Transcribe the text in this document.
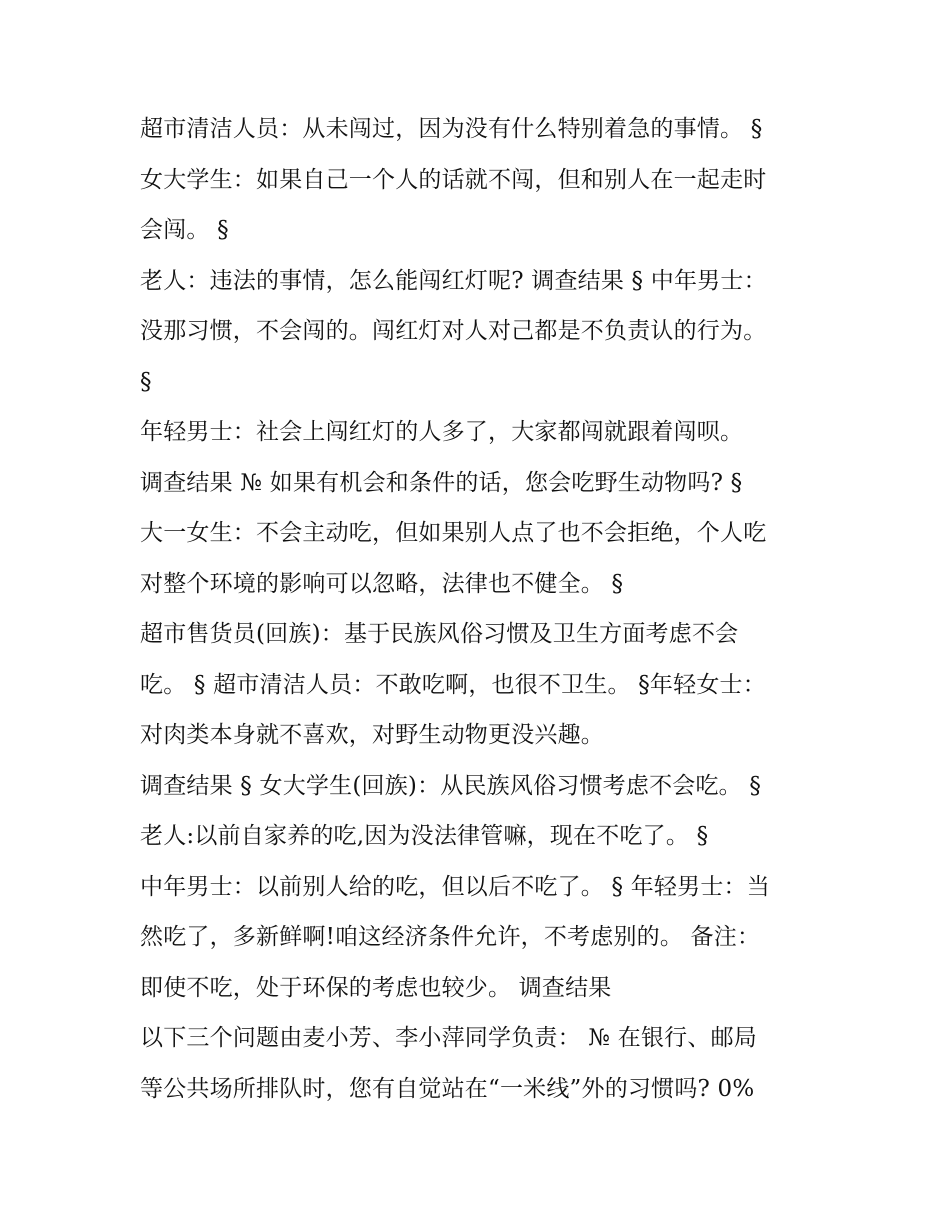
超市清洁人员：从未闯过，因为没有什么特别着急的事情。 §
女大学生：如果自己一个人的话就不闯，但和别人在一起走时
会闯。 §
老人：违法的事情，怎么能闯红灯呢? 调查结果 § 中年男士：
没那习惯，不会闯的。闯红灯对人对己都是不负责认的行为。
§
年轻男士：社会上闯红灯的人多了，大家都闯就跟着闯呗。
调查结果 № 如果有机会和条件的话，您会吃野生动物吗? §
大一女生：不会主动吃，但如果别人点了也不会拒绝，个人吃
对整个环境的影响可以忽略，法律也不健全。 §
超市售货员(回族)：基于民族风俗习惯及卫生方面考虑不会
吃。 § 超市清洁人员：不敢吃啊，也很不卫生。 §年轻女士：
对肉类本身就不喜欢，对野生动物更没兴趣。
调查结果 § 女大学生(回族)：从民族风俗习惯考虑不会吃。 §
老人:以前自家养的吃,因为没法律管嘛，现在不吃了。 §
中年男士：以前别人给的吃，但以后不吃了。 § 年轻男士：当
然吃了，多新鲜啊!咱这经济条件允许，不考虑别的。 备注：
即使不吃，处于环保的考虑也较少。 调查结果
以下三个问题由麦小芳、李小萍同学负责： № 在银行、邮局
等公共场所排队时，您有自觉站在“一米线”外的习惯吗? 0%
